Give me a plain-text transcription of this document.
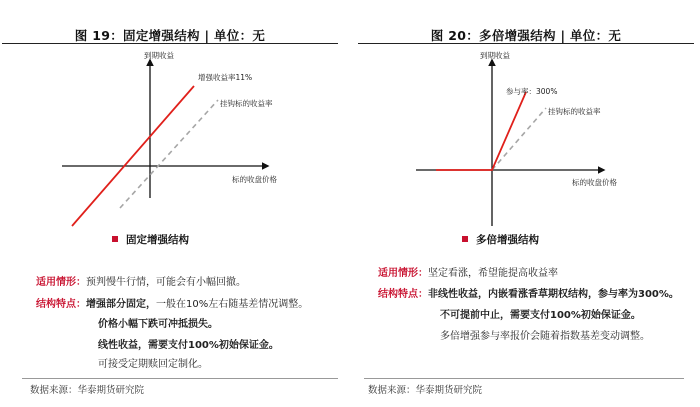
图 19：固定增强结构 | 单位：无
到期收益
标的收盘价格
增强收益率11%
挂钩标的收益率
固定增强结构
适用情形：预判慢牛行情，可能会有小幅回撤。
结构特点：增强部分固定，一般在10%左右随基差情况调整。
价格小幅下跌可冲抵损失。
线性收益，需要支付100%初始保证金。
可接受定期赎回定制化。
数据来源：华泰期货研究院
图 20：多倍增强结构 | 单位：无
到期收益
标的收盘价格
参与率：300%
挂钩标的收益率
多倍增强结构
适用情形：坚定看涨，希望能提高收益率
结构特点：非线性收益，内嵌看涨香草期权结构，参与率为300%。
不可提前中止，需要支付100%初始保证金。
多倍增强参与率报价会随着指数基差变动调整。
数据来源：华泰期货研究院
